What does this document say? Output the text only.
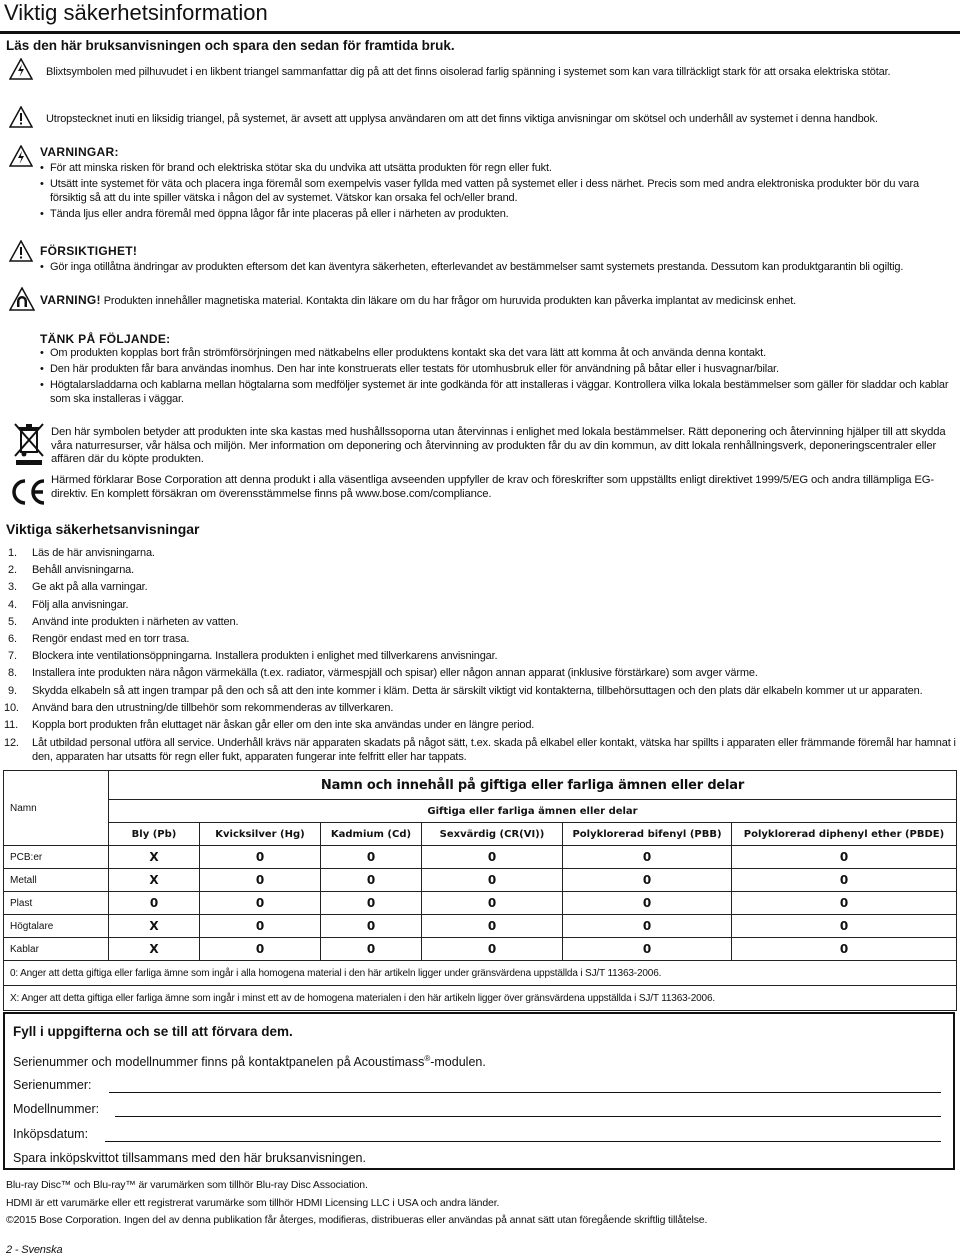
Viktig säkerhetsinformation
Läs den här bruksanvisningen och spara den sedan för framtida bruk.
Blixtsymbolen med pilhuvudet i en likbent triangel sammanfattar dig på att det finns oisolerad farlig spänning i systemet som kan vara tillräckligt stark för att orsaka elektriska stötar.
Utropstecknet inuti en liksidig triangel, på systemet, är avsett att upplysa användaren om att det finns viktiga anvisningar om skötsel och underhåll av systemet i denna handbok.
VARNINGAR:
• För att minska risken för brand och elektriska stötar ska du undvika att utsätta produkten för regn eller fukt.
• Utsätt inte systemet för väta och placera inga föremål som exempelvis vaser fyllda med vatten på systemet eller i dess närhet. Precis som med andra elektroniska produkter bör du vara försiktig så att du inte spiller vätska i någon del av systemet. Vätskor kan orsaka fel och/eller brand.
• Tända ljus eller andra föremål med öppna lågor får inte placeras på eller i närheten av produkten.
FÖRSIKTIGHET!
• Gör inga otillåtna ändringar av produkten eftersom det kan äventyra säkerheten, efterlevandet av bestämmelser samt systemets prestanda. Dessutom kan produktgarantin bli ogiltig.
VARNING! Produkten innehåller magnetiska material. Kontakta din läkare om du har frågor om huruvida produkten kan påverka implantat av medicinsk enhet.
TÄNK PÅ FÖLJANDE:
• Om produkten kopplas bort från strömförsörjningen med nätkabelns eller produktens kontakt ska det vara lätt att komma åt och använda denna kontakt.
• Den här produkten får bara användas inomhus. Den har inte konstruerats eller testats för utomhusbruk eller för användning på båtar eller i husvagnar/bilar.
• Högtalarsladdarna och kablarna mellan högtalarna som medföljer systemet är inte godkända för att installeras i väggar. Kontrollera vilka lokala bestämmelser som gäller för sladdar och kablar som ska installeras i väggar.
Den här symbolen betyder att produkten inte ska kastas med hushållssoporna utan återvinnas i enlighet med lokala bestämmelser. Rätt deponering och återvinning hjälper till att skydda våra naturresurser, vår hälsa och miljön. Mer information om deponering och återvinning av produkten får du av din kommun, av ditt lokala renhållningsverk, deponeringscentraler eller affären där du köpte produkten.
Härmed förklarar Bose Corporation att denna produkt i alla väsentliga avseenden uppfyller de krav och föreskrifter som uppställts enligt direktivet 1999/5/EG och andra tillämpliga EG-direktiv. En komplett försäkran om överensstämmelse finns på www.bose.com/compliance.
Viktiga säkerhetsanvisningar
1. Läs de här anvisningarna.
2. Behåll anvisningarna.
3. Ge akt på alla varningar.
4. Följ alla anvisningar.
5. Använd inte produkten i närheten av vatten.
6. Rengör endast med en torr trasa.
7. Blockera inte ventilationsöppningarna. Installera produkten i enlighet med tillverkarens anvisningar.
8. Installera inte produkten nära någon värmekälla (t.ex. radiator, värmespjäll och spisar) eller någon annan apparat (inklusive förstärkare) som avger värme.
9. Skydda elkabeln så att ingen trampar på den och så att den inte kommer i kläm. Detta är särskilt viktigt vid kontakterna, tillbehörsuttagen och den plats där elkabeln kommer ut ur apparaten.
10. Använd bara den utrustning/de tillbehör som rekommenderas av tillverkaren.
11. Koppla bort produkten från eluttaget när åskan går eller om den inte ska användas under en längre period.
12. Låt utbildad personal utföra all service. Underhåll krävs när apparaten skadats på något sätt, t.ex. skada på elkabel eller kontakt, vätska har spillts i apparaten eller främmande föremål har hamnat i den, apparaten har utsatts för regn eller fukt, apparaten fungerar inte felfritt eller har tappats.
Namn	Namn och innehåll på giftiga eller farliga ämnen eller delar					
	Giftiga eller farliga ämnen eller delar					
	Bly (Pb)	Kvicksilver (Hg)	Kadmium (Cd)	Sexvärdig (CR(VI))	Polyklorerad bifenyl (PBB)	Polyklorerad diphenyl ether (PBDE)
PCB:er	X	0	0	0	0	0
Metall	X	0	0	0	0	0
Plast	0	0	0	0	0	0
Högtalare	X	0	0	0	0	0
Kablar	X	0	0	0	0	0
0: Anger att detta giftiga eller farliga ämne som ingår i alla homogena material i den här artikeln ligger under gränsvärdena uppställda i SJ/T 11363-2006.						
X: Anger att detta giftiga eller farliga ämne som ingår i minst ett av de homogena materialen i den här artikeln ligger över gränsvärdena uppställda i SJ/T 11363-2006.						
Fyll i uppgifterna och se till att förvara dem.
Serienummer och modellnummer finns på kontaktpanelen på Acoustimass®-modulen.
Serienummer:
Modellnummer:
Inköpsdatum:
Spara inköpskvittot tillsammans med den här bruksanvisningen.
Blu-ray Disc™ och Blu-ray™ är varumärken som tillhör Blu-ray Disc Association.
HDMI är ett varumärke eller ett registrerat varumärke som tillhör HDMI Licensing LLC i USA och andra länder.
©2015 Bose Corporation. Ingen del av denna publikation får återges, modifieras, distribueras eller användas på annat sätt utan föregående skriftlig tillåtelse.
2 - Svenska
